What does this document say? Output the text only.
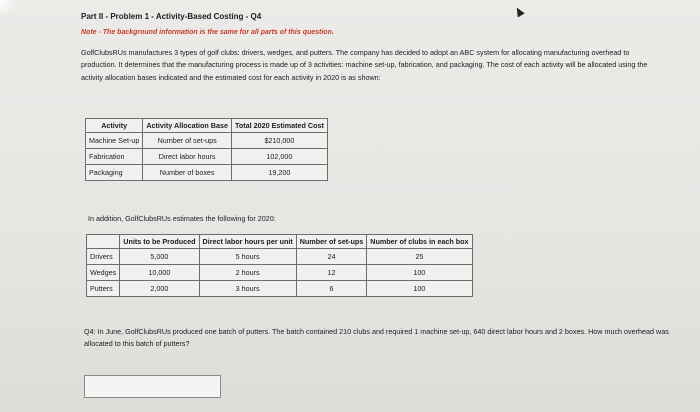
Part II - Problem 1 - Activity-Based Costing - Q4
Note - The background information is the same for all parts of this question.
GolfClubsRUs manufactures 3 types of golf clubs: drivers, wedges, and putters. The company has decided to adopt an ABC system for allocating manufacturing overhead to production. It determines that the manufacturing process is made up of 3 activities: machine set-up, fabrication, and packaging. The cost of each activity will be allocated using the activity allocation bases indicated and the estimated cost for each activity in 2020 is as shown:
Activity	Activity Allocation Base	Total 2020 Estimated Cost
Machine Set-up	Number of set-ups	$210,000
Fabrication	Direct labor hours	102,000
Packaging	Number of boxes	19,200
In addition, GolfClubsRUs estimates the following for 2020:
	Units to be Produced	Direct labor hours per unit	Number of set-ups	Number of clubs in each box
Drivers	5,000	5 hours	24	25
Wedges	10,000	2 hours	12	100
Putters	2,000	3 hours	6	100
Q4: In June, GolfClubsRUs produced one batch of putters. The batch contained 210 clubs and required 1 machine set-up, 640 direct labor hours and 2 boxes. How much overhead was allocated to this batch of putters?
